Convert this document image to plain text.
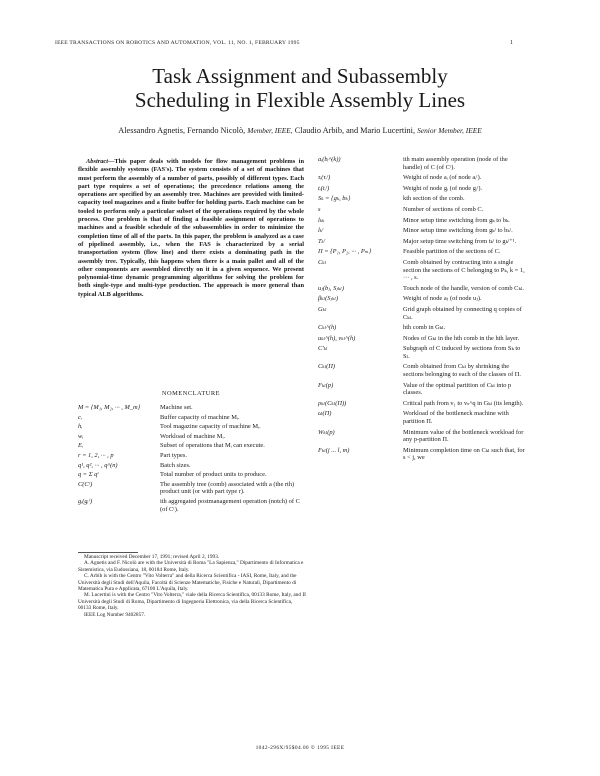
IEEE TRANSACTIONS ON ROBOTICS AND AUTOMATION, VOL. 11, NO. 1, FEBRUARY 1995	1
Task Assignment and Subassembly
Scheduling in Flexible Assembly Lines
Alessandro Agnetis, Fernando Nicolò, Member, IEEE, Claudio Arbib, and Mario Lucertini, Senior Member, IEEE

Abstract—This paper deals with models for flow management problems in flexible assembly systems (FAS's). The system consists of a set of machines that must perform the assembly of a number of parts, possibly of different types. Each part type requires a set of operations; the precedence relations among the operations are specified by an assembly tree. Machines are provided with limited-capacity tool magazines and a finite buffer for holding parts. Each machine can be tooled to perform only a particular subset of the operations required by the whole process. One problem is that of finding a feasible assignment of operations to machines and a feasible schedule of the subassemblies in order to minimize the completion time of all of the parts. In this paper, the problem is analyzed as a case of pipelined assembly, i.e., when the FAS is characterized by a serial transportation system (flow line) and there exists a dominating path in the assembly tree. Typically, this happens when there is a main pallet and all of the other components are assembled directly on it in a given sequence. We present polynomial-time dynamic programming algorithms for solving the problem for both single-type and multi-type production. The approach is more general than typical ALB algorithms.

NOMENCLATURE
M = {M₁, M₂, ··· , M_m}	Machine set.
cᵢ	Buffer capacity of machine Mᵢ.
hᵢ	Tool magazine capacity of machine Mᵢ.
wᵢ	Workload of machine Mᵢ.
Eᵢ	Subset of operations that Mᵢ can execute.
r = 1, 2, ··· , p	Part types.
q¹, q², ··· , q^(n)	Batch sizes.
q = Σ qʳ	Total number of product units to produce.
C(Cʳ)	The assembly tree (comb) associated with a (the rth) product unit (or with part type r).
gᵢ(gᵢʳ)	ith aggregated postmanagement operation (notch) of C (of Cʳ).

Manuscript received December 17, 1991; revised April 2, 1993.

A. Agnetis and F. Nicolò are with the Università di Roma "La Sapienza," Dipartimento di Informatica e Sistemistica, via Eudossiana, 18, 00184 Rome, Italy.

C. Arbib is with the Centro "Vito Volterra" and della Ricerca Scientifica - IASI, Rome, Italy, and the Università degli Studi dell'Aquila, Facoltà di Scienze Matematiche, Fisiche e Naturali, Dipartimento di Matematica Pura e Applicata, 67100 L'Aquila, Italy.

M. Lucertini is with the Centro "Vito Volterra," viale della Ricerca Scientifica, 00133 Rome, Italy, and II Università degli Studi di Roma, Dipartimento di Ingegneria Elettronica, via della Ricerca Scientifica, 00133 Rome, Italy.

IEEE Log Number 9402857.

aᵢ(bᵢ^(k))	ith main assembly operation (node of the handle) of C (of Cʳ).
τᵢ(τᵢʳ)	Weight of node aᵢ (of node aᵢʳ).
tᵢ(tᵢʳ)	Weight of node gᵢ (of node gᵢʳ).
Sₖ = {gₖ, bₖ}	kth section of the comb.
s	Number of sections of comb C.
lₖₖ	Minor setup time switching from gₖ to bₖ.
lₖʳ	Minor setup time switching from gₖʳ to bₖʳ.
Tₖʳ	Major setup time switching from tₖʳ to gₖʳ⁺¹.
Π = {P₁, P₂, ··· , Pₘ}	Feasible partition of the sections of C.
Cₖₗ	Comb obtained by contracting into a single section the sections of C belonging to Pₖ, k = 1, ··· , s.
uⱼ(bⱼ, Sⱼₖₗ)	Touch node of the handle, version of comb Cₖₗ.
βₖₗ(Sⱼₖₗ)	Weight of node aⱼ (of node uⱼ).
Gₖₗ	Grid graph obtained by connecting q copies of Cₖₗ.
Cₖₗ^(h)	hth comb in Gₖₗ.
uₖₗ^(h), vₖₗ^(h)	Nodes of Gₖₗ in the hth comb in the hth layer.
C′ₖₗ	Subgraph of C induced by sections from Sₖ to Sₗ.
Cₖₗ(Π)	Comb obtained from Cₖₗ by shrinking the sections belonging to each of the classes of Π.
Fₖₗ(p)	Value of the optimal partition of Cₖₗ into p classes.
ρₖₗ(Cₖₗ(Π))	Critical path from v₁ to vₛ^q in Gₖₗ (its length).
ω(Π)	Workload of the bottleneck machine with partition Π.
Wₖₗ(p)	Minimum value of the bottleneck workload for any p-partition Π.
Fₖₗ(j ... l, m)	Minimum completion time on Cₖₗ such that, for s < j, we
1042-296X/95$04.00 © 1995 IEEE
